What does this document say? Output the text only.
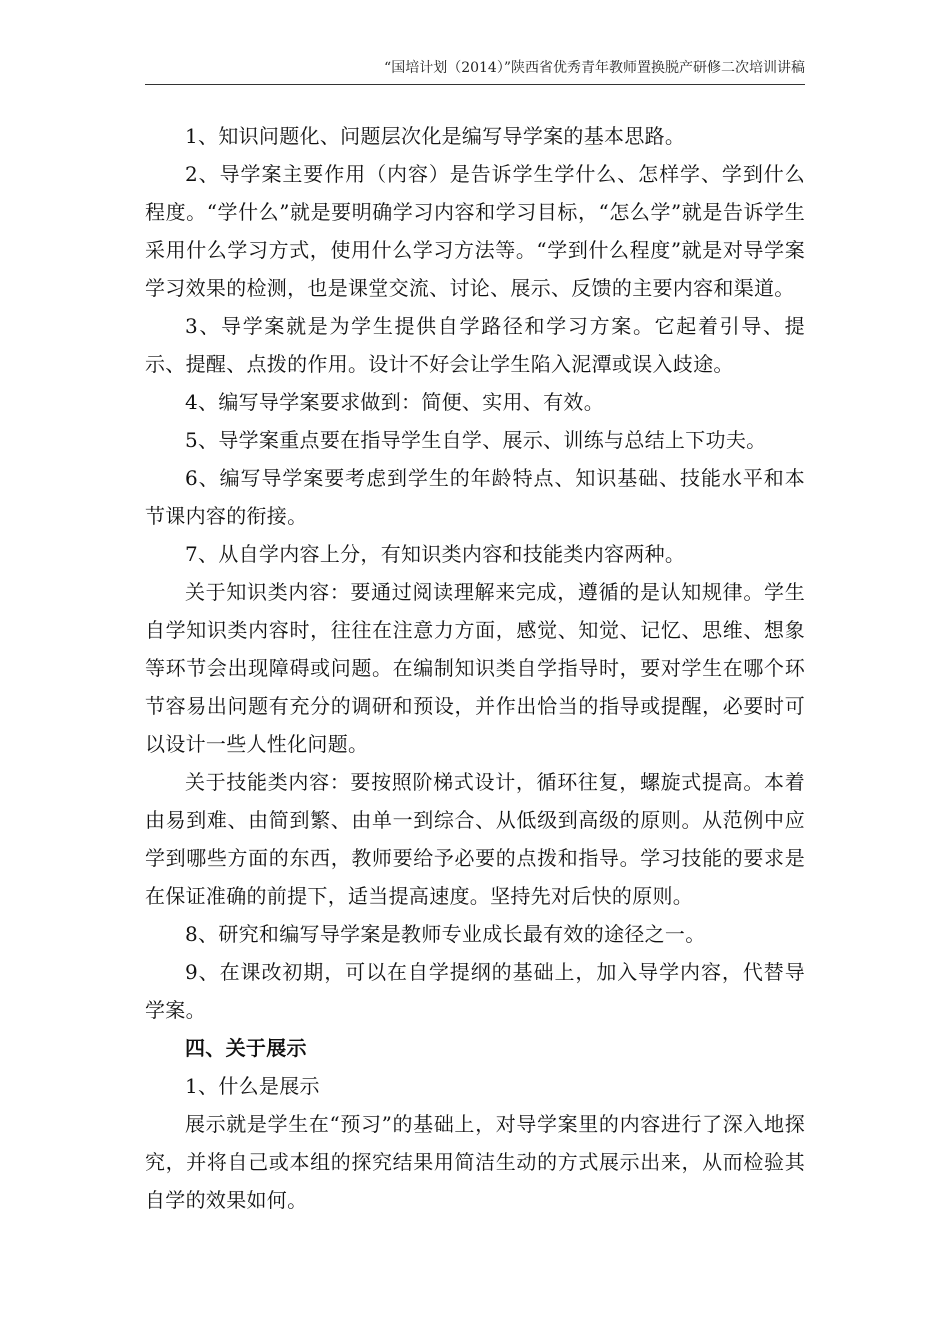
“国培计划（2014）”陕西省优秀青年教师置换脱产研修二次培训讲稿

1、知识问题化、问题层次化是编写导学案的基本思路。

2、导学案主要作用（内容）是告诉学生学什么、怎样学、学到什么程度。“学什么”就是要明确学习内容和学习目标，“怎么学”就是告诉学生采用什么学习方式，使用什么学习方法等。“学到什么程度”就是对导学案学习效果的检测，也是课堂交流、讨论、展示、反馈的主要内容和渠道。

3、导学案就是为学生提供自学路径和学习方案。它起着引导、提示、提醒、点拨的作用。设计不好会让学生陷入泥潭或误入歧途。

4、编写导学案要求做到：简便、实用、有效。

5、导学案重点要在指导学生自学、展示、训练与总结上下功夫。

6、编写导学案要考虑到学生的年龄特点、知识基础、技能水平和本节课内容的衔接。

7、从自学内容上分，有知识类内容和技能类内容两种。

关于知识类内容：要通过阅读理解来完成，遵循的是认知规律。学生自学知识类内容时，往往在注意力方面，感觉、知觉、记忆、思维、想象等环节会出现障碍或问题。在编制知识类自学指导时，要对学生在哪个环节容易出问题有充分的调研和预设，并作出恰当的指导或提醒，必要时可以设计一些人性化问题。

关于技能类内容：要按照阶梯式设计，循环往复，螺旋式提高。本着由易到难、由简到繁、由单一到综合、从低级到高级的原则。从范例中应学到哪些方面的东西，教师要给予必要的点拨和指导。学习技能的要求是在保证准确的前提下，适当提高速度。坚持先对后快的原则。

8、研究和编写导学案是教师专业成长最有效的途径之一。

9、在课改初期，可以在自学提纲的基础上，加入导学内容，代替导学案。

四、关于展示

1、什么是展示

展示就是学生在“预习”的基础上，对导学案里的内容进行了深入地探究，并将自己或本组的探究结果用简洁生动的方式展示出来，从而检验其自学的效果如何。
